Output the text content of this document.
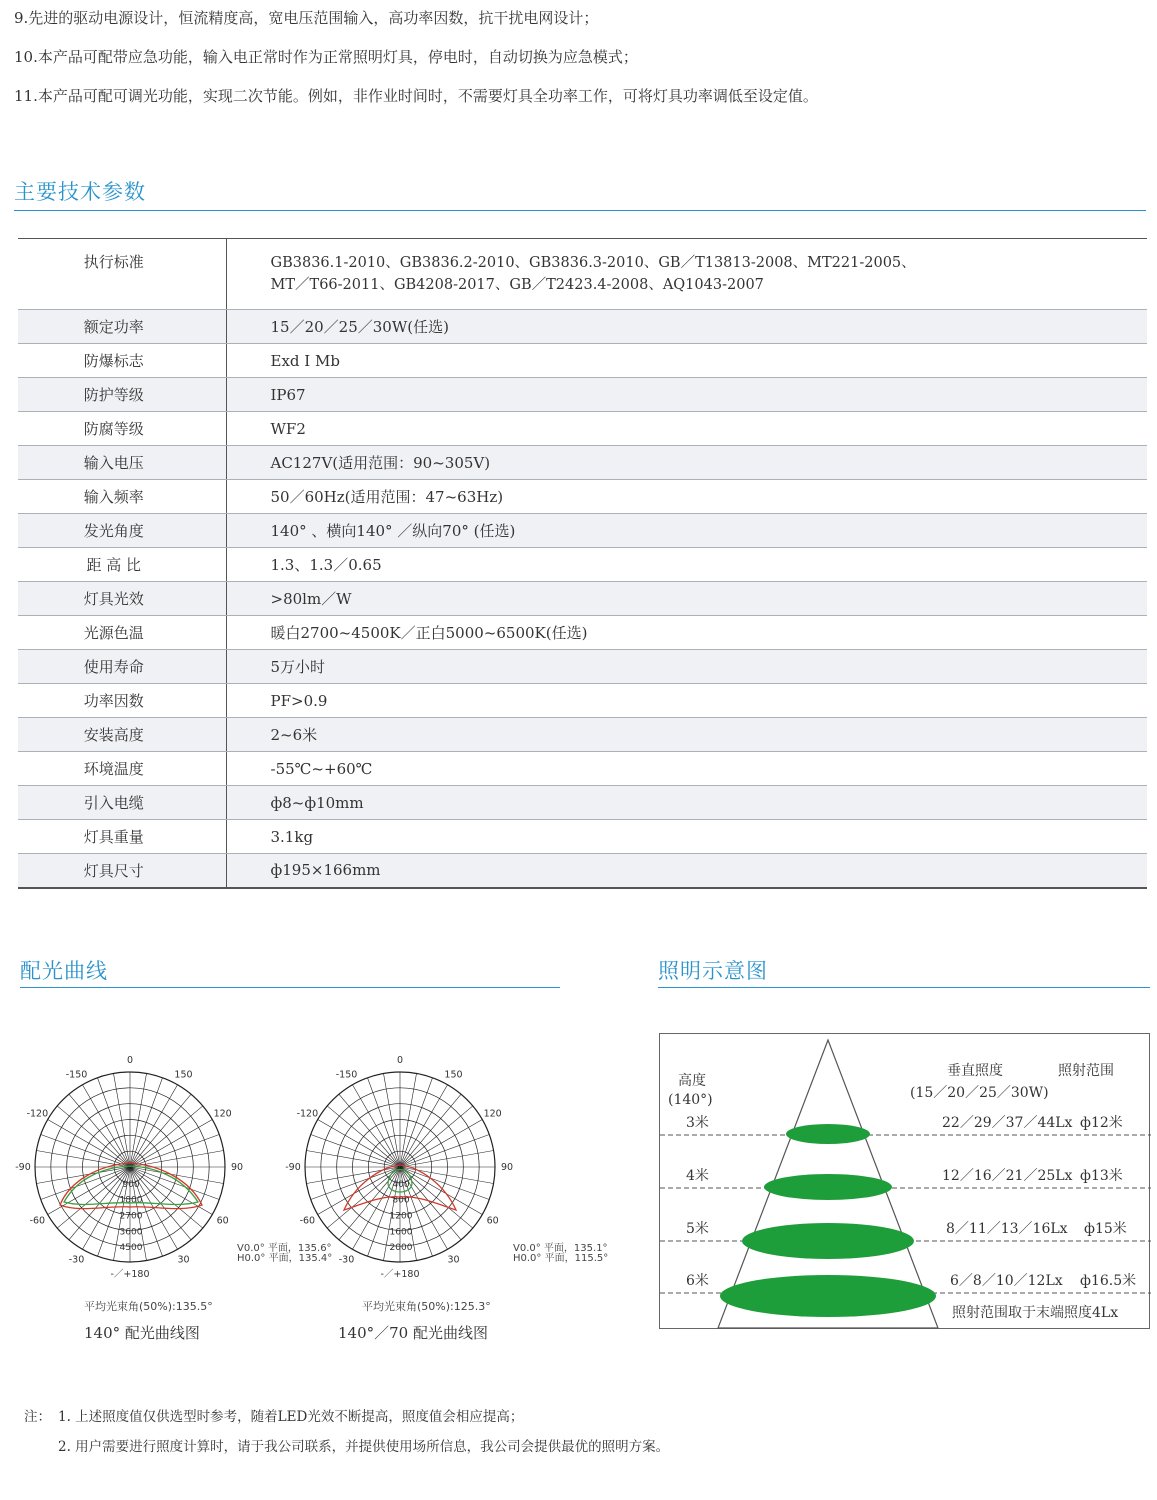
9.先进的驱动电源设计，恒流精度高，宽电压范围输入，高功率因数，抗干扰电网设计；
10.本产品可配带应急功能，输入电正常时作为正常照明灯具，停电时，自动切换为应急模式；
11.本产品可配可调光功能，实现二次节能。例如，非作业时间时，不需要灯具全功率工作，可将灯具功率调低至设定值。
主要技术参数
执行标准	GB3836.1-2010、GB3836.2-2010、GB3836.3-2010、GB／T13813-2008、MT221-2005、
MT／T66-2011、GB4208-2017、GB／T2423.4-2008、AQ1043-2007

额定功率	15／20／25／30W(任选)
防爆标志	Exd I Mb
防护等级	IP67
防腐等级	WF2
输入电压	AC127V(适用范围：90~305V)
输入频率	50／60Hz(适用范围：47~63Hz)
发光角度	140° 、横向140° ／纵向70° (任选)
距 高 比	1.3、1.3／0.65
灯具光效	>80lm／W
光源色温	暖白2700~4500K／正白5000~6500K(任选)
使用寿命	5万小时
功率因数	PF>0.9
安装高度	2~6米
环境温度	-55℃~+60℃
引入电缆	ф8~ф10mm
灯具重量	3.1kg
灯具尺寸	ф195×166mm
配光曲线
0
900
1800
2700
3600
4500
-／+180
-150	150
-120	120
-90	90
-60	60
-30	30
0
0
400
800
1200
1600
2000
-／+180
-150	150
-120	120
-90	90
-60	60
-30	30
0
V0.0° 平面，135.6°
H0.0° 平面，135.4°
V0.0° 平面，135.1°
H0.0° 平面，115.5°
平均光束角(50%):135.5°	平均光束角(50%):125.3°
140° 配光曲线图	140°／70 配光曲线图
照明示意图
高度
(140°)
垂直照度	照射范围
(15／20／25／30W)
3米	22／29／37／44Lx ф12米
4米	12／16／21／25Lx ф13米
5米	8／11／13／16Lx ф15米
6米	6／8／10／12Lx ф16.5米
照射范围取于末端照度4Lx
注： 1. 上述照度值仅供选型时参考，随着LED光效不断提高，照度值会相应提高；
2. 用户需要进行照度计算时，请于我公司联系，并提供使用场所信息，我公司会提供最优的照明方案。
